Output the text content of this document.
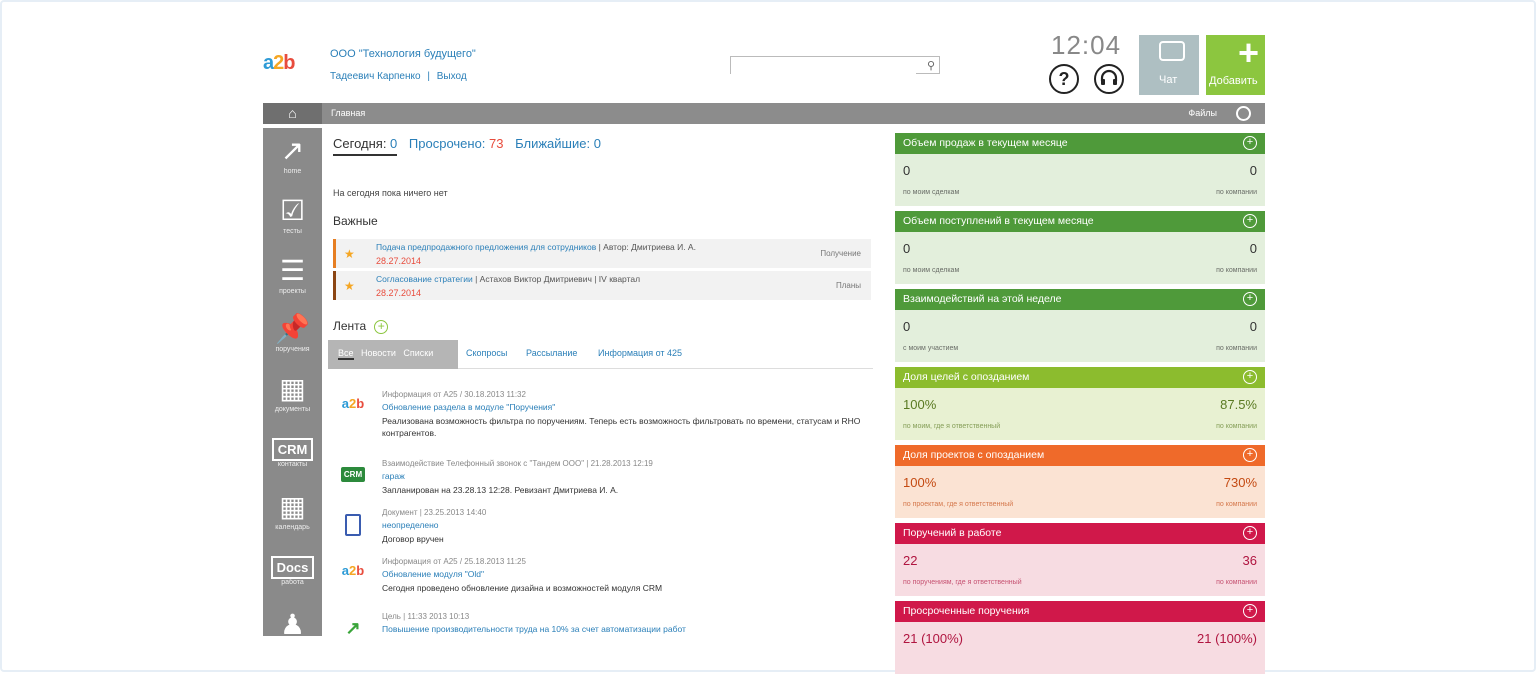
a2b	ООО "Технология будущего"
Тадеевич Карпенко | Выход
⚲
12:04
?	Чат
+
Добавить
⌂	Главная	Файлы
↗
home
☑
тесты
☰
проекты
📌
поручения
▦
документы
CRM
контакты
▦
календарь
Docs
работа
♟
Сегодня: 0 Просрочено: 73 Ближайшие: 0
На сегодня пока ничего нет
Важные
★ Подача предпродажного предложения для сотрудников | Автор: Дмитриева И. А.
28.27.2014
Получение
★ Согласование стратегии | Астахов Виктор Дмитриевич | IV квартал
28.27.2014
Планы
Лента +
Все Новости Списки	Скопросы Рассылание Информация от 425
a2b
Информация от A25 / 30.18.2013 11:32
Обновление раздела в модуле "Поручения"
Реализована возможность фильтра по поручениям. Теперь есть возможность фильтровать по времени, статусам и RHO контрагентов.
CRM
Взаимодействие Телефонный звонок с "Тандем ООО" | 21.28.2013 12:19
гараж
Запланирован на 23.28.13 12:28. Ревизант Дмитриева И. А.
Документ | 23.25.2013 14:40
неопределено
Договор вручен
a2b
Информация от A25 / 25.18.2013 11:25
Обновление модуля "Old"
Сегодня проведено обновление дизайна и возможностей модуля CRM
↗
Цель | 11:33 2013 10:13
Повышение производительности труда на 10% за счет автоматизации работ
Объем продаж в текущем месяце	+
0	0
по моим сделкам	по компании
Объем поступлений в текущем месяце	+
0	0
по моим сделкам	по компании
Взаимодействий на этой неделе	+
0	0
с моим участием	по компании
Доля целей с опозданием	+
100%	87.5%
по моим, где я ответственный	по компании
Доля проектов с опозданием	+
100%	730%
по проектам, где я ответственный	по компании
Поручений в работе	+
22	36
по поручениям, где я ответственный	по компании
Просроченные поручения	+
21 (100%)	21 (100%)
